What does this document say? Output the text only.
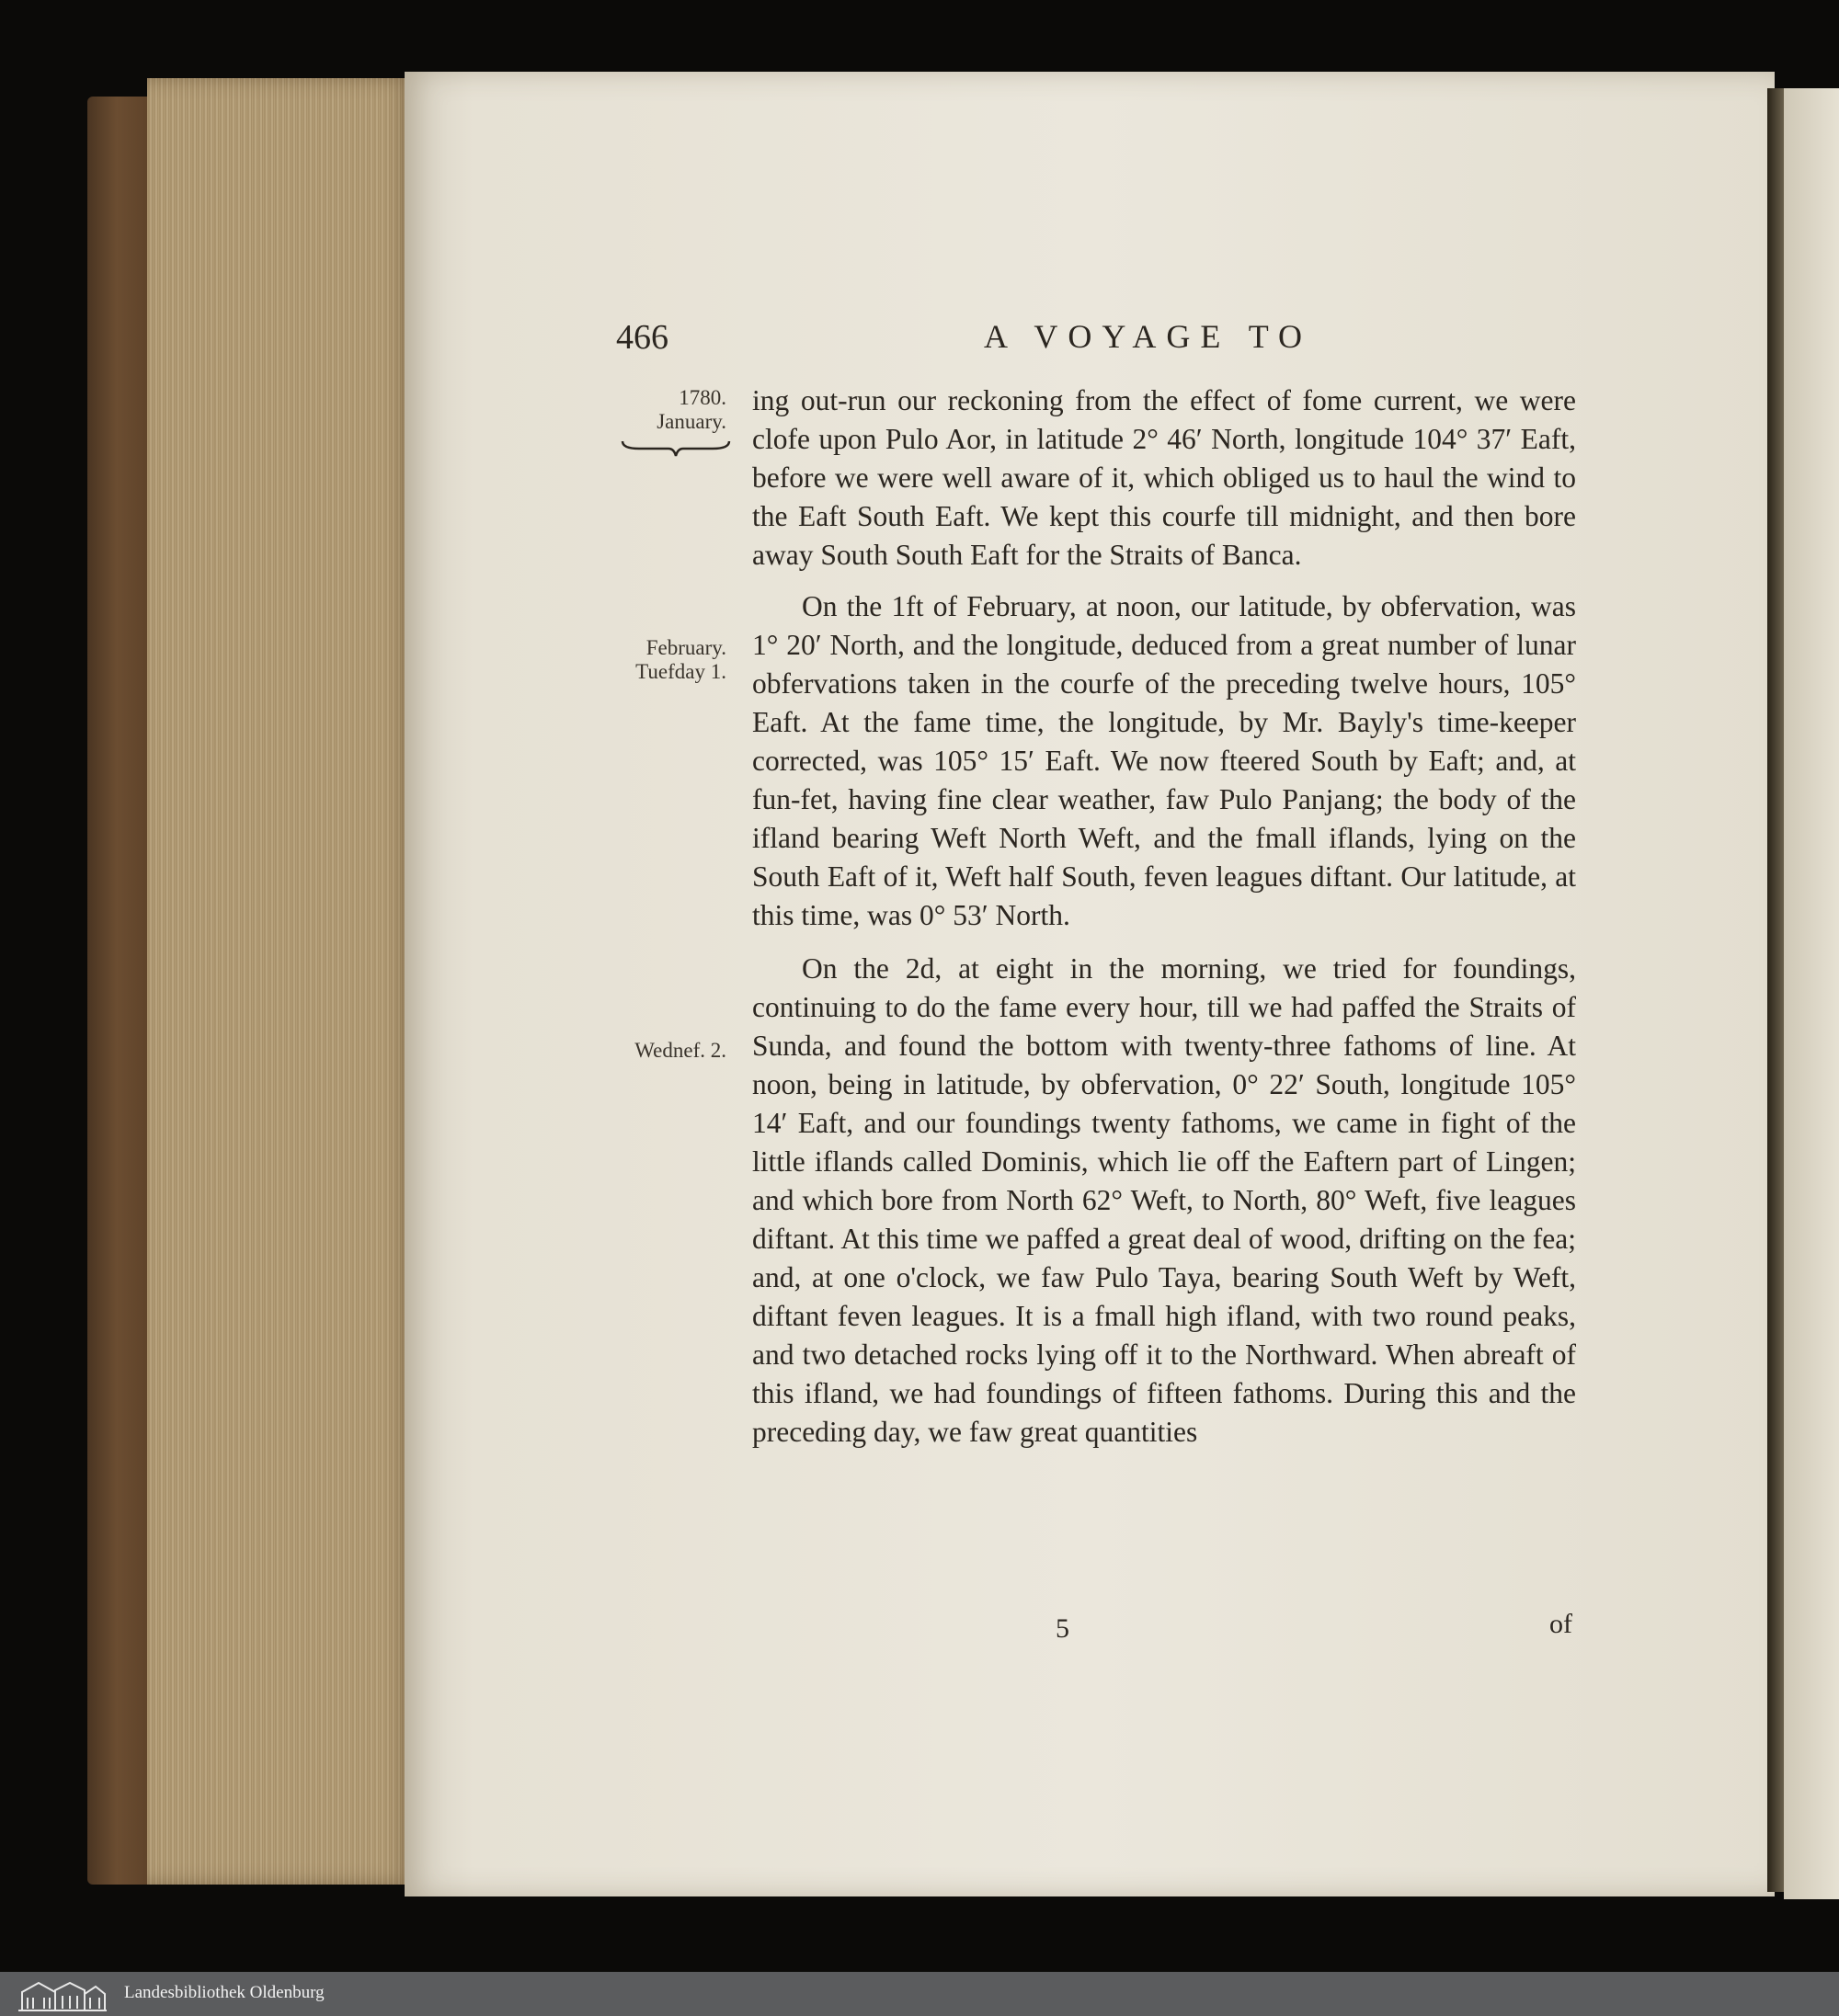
466	A VOYAGE TO
1780.
January.
February.
Tuefday 1.
Wednef. 2.

ing out-run our reckoning from the effect of fome current, we were clofe upon Pulo Aor, in latitude 2° 46′ North, longitude 104° 37′ Eaft, before we were well aware of it, which obliged us to haul the wind to the Eaft South Eaft. We kept this courfe till midnight, and then bore away South South Eaft for the Straits of Banca.

On the 1ft of February, at noon, our latitude, by obfervation, was 1° 20′ North, and the longitude, deduced from a great number of lunar obfervations taken in the courfe of the preceding twelve hours, 105° Eaft. At the fame time, the longitude, by Mr. Bayly's time-keeper corrected, was 105° 15′ Eaft. We now fteered South by Eaft; and, at fun-fet, having fine clear weather, faw Pulo Panjang; the body of the ifland bearing Weft North Weft, and the fmall iflands, lying on the South Eaft of it, Weft half South, feven leagues diftant. Our latitude, at this time, was 0° 53′ North.

On the 2d, at eight in the morning, we tried for foundings, continuing to do the fame every hour, till we had paffed the Straits of Sunda, and found the bottom with twenty-three fathoms of line. At noon, being in latitude, by obfervation, 0° 22′ South, longitude 105° 14′ Eaft, and our foundings twenty fathoms, we came in fight of the little iflands called Dominis, which lie off the Eaftern part of Lingen; and which bore from North 62° Weft, to North, 80° Weft, five leagues diftant. At this time we paffed a great deal of wood, drifting on the fea; and, at one o'clock, we faw Pulo Taya, bearing South Weft by Weft, diftant feven leagues. It is a fmall high ifland, with two round peaks, and two detached rocks lying off it to the Northward. When abreaft of this ifland, we had foundings of fifteen fathoms. During this and the preceding day, we faw great quantities

5	of
Landesbibliothek Oldenburg
